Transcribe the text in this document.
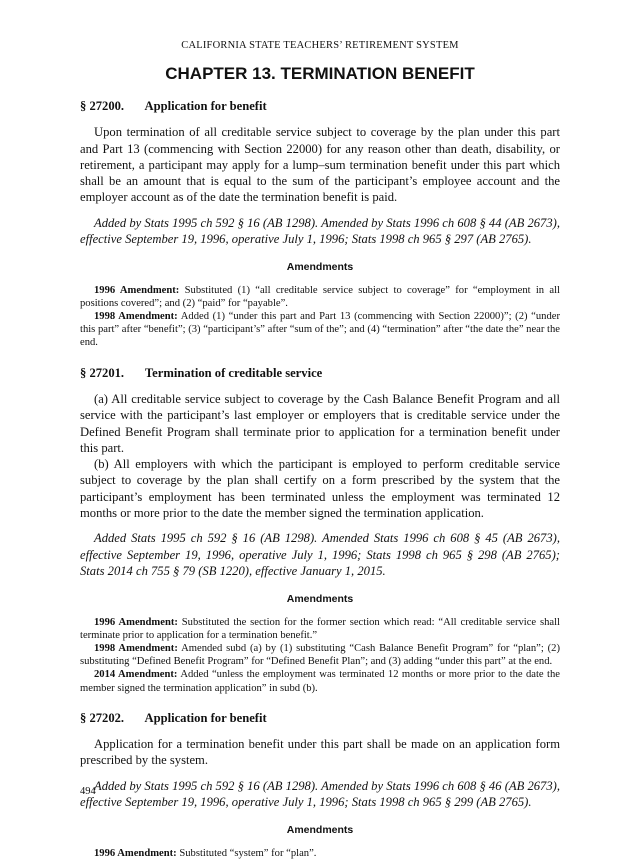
CALIFORNIA STATE TEACHERS’ RETIREMENT SYSTEM
CHAPTER 13. TERMINATION BENEFIT
§ 27200. Application for benefit

Upon termination of all creditable service subject to coverage by the plan under this part and Part 13 (commencing with Section 22000) for any reason other than death, disability, or retirement, a participant may apply for a lump–sum termination benefit under this part which shall be an amount that is equal to the sum of the participant’s employee account and the employer account as of the date the termination benefit is paid.

Added by Stats 1995 ch 592 § 16 (AB 1298). Amended by Stats 1996 ch 608 § 44 (AB 2673), effective September 19, 1996, operative July 1, 1996; Stats 1998 ch 965 § 297 (AB 2765).

Amendments

1996 Amendment: Substituted (1) “all creditable service subject to coverage” for “employment in all positions covered”; and (2) “paid” for “payable”.

1998 Amendment: Added (1) “under this part and Part 13 (commencing with Section 22000)”; (2) “under this part” after “benefit”; (3) “participant’s” after “sum of the”; and (4) “termination” after “the date the” near the end.

§ 27201. Termination of creditable service

(a) All creditable service subject to coverage by the Cash Balance Benefit Program and all service with the participant’s last employer or employers that is creditable service under the Defined Benefit Program shall terminate prior to application for a termination benefit under this part.

(b) All employers with which the participant is employed to perform creditable service subject to coverage by the plan shall certify on a form prescribed by the system that the participant’s employment has been terminated unless the employment was terminated 12 months or more prior to the date the member signed the termination application.

Added Stats 1995 ch 592 § 16 (AB 1298). Amended Stats 1996 ch 608 § 45 (AB 2673), effective September 19, 1996, operative July 1, 1996; Stats 1998 ch 965 § 298 (AB 2765); Stats 2014 ch 755 § 79 (SB 1220), effective January 1, 2015.

Amendments

1996 Amendment: Substituted the section for the former section which read: “All creditable service shall terminate prior to application for a termination benefit.”

1998 Amendment: Amended subd (a) by (1) substituting “Cash Balance Benefit Program” for “plan”; (2) substituting “Defined Benefit Program” for “Defined Benefit Plan”; and (3) adding “under this part” at the end.

2014 Amendment: Added “unless the employment was terminated 12 months or more prior to the date the member signed the termination application” in subd (b).

§ 27202. Application for benefit

Application for a termination benefit under this part shall be made on an application form prescribed by the system.

Added by Stats 1995 ch 592 § 16 (AB 1298). Amended by Stats 1996 ch 608 § 46 (AB 2673), effective September 19, 1996, operative July 1, 1996; Stats 1998 ch 965 § 299 (AB 2765).

Amendments

1996 Amendment: Substituted “system” for “plan”.

494
